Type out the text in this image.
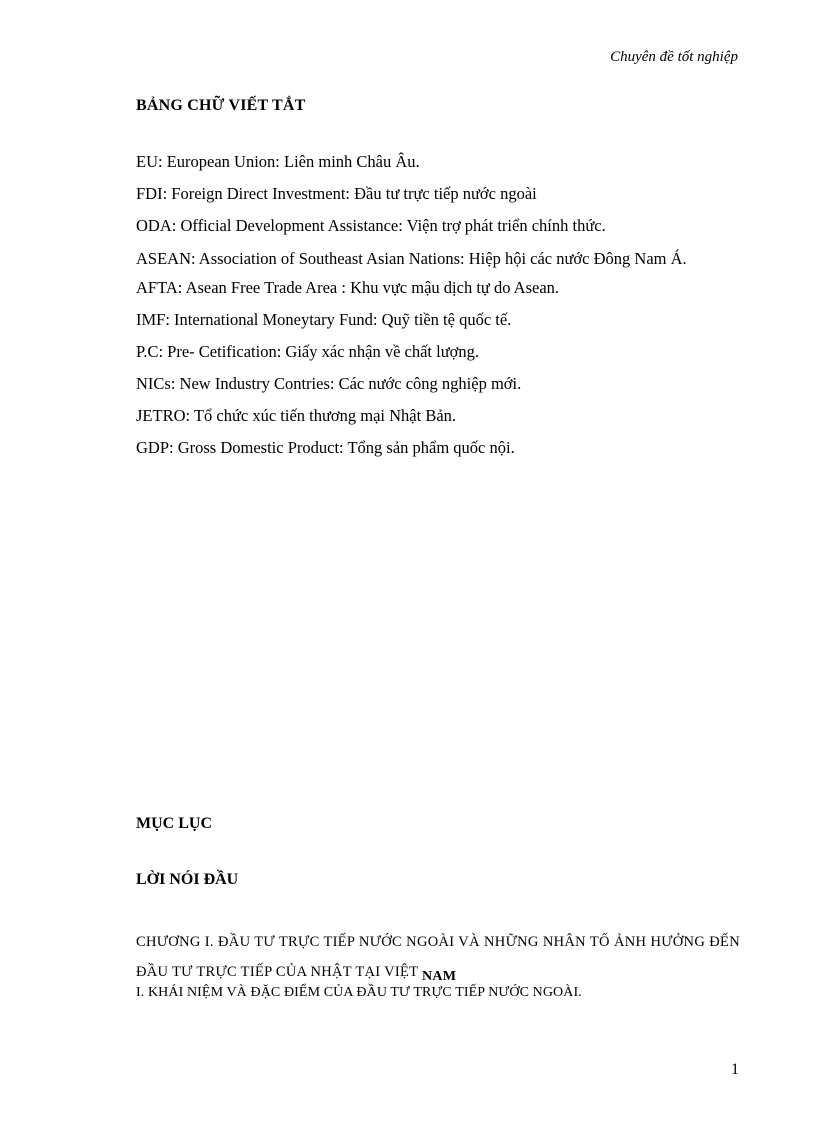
Chuyên đề tốt nghiệp
BẢNG CHỮ VIẾT TẮT
EU: European Union: Liên minh Châu Âu.
FDI: Foreign Direct Investment: Đầu tư trực tiếp nước ngoài
ODA: Official Development Assistance: Viện trợ phát triển chính thức.
ASEAN: Association of Southeast Asian Nations: Hiệp hội các nước Đông Nam Á.
AFTA: Asean Free Trade Area : Khu vực mậu dịch tự do Asean.
IMF: International Moneytary Fund: Quỹ tiền tệ quốc tế.
P.C: Pre- Cetification: Giấy xác nhận về chất lượng.
NICs: New Industry Contries: Các nước công nghiệp mới.
JETRO: Tổ chức xúc tiến thương mại Nhật Bản.
GDP: Gross Domestic Product: Tổng sản phẩm quốc nội.
MỤC LỤC
LỜI NÓI ĐẦU
CHƯƠNG I. ĐẦU TƯ TRỰC TIẾP NƯỚC NGOÀI VÀ NHỮNG NHÂN TỐ ẢNH HƯỞNG ĐẾN ĐẦU TƯ TRỰC TIẾP CỦA NHẬT TẠI VIỆT NAM
I. KHÁI NIỆM VÀ ĐẶC ĐIỂM CỦA ĐẦU TƯ TRỰC TIẾP NƯỚC NGOÀI.
1
